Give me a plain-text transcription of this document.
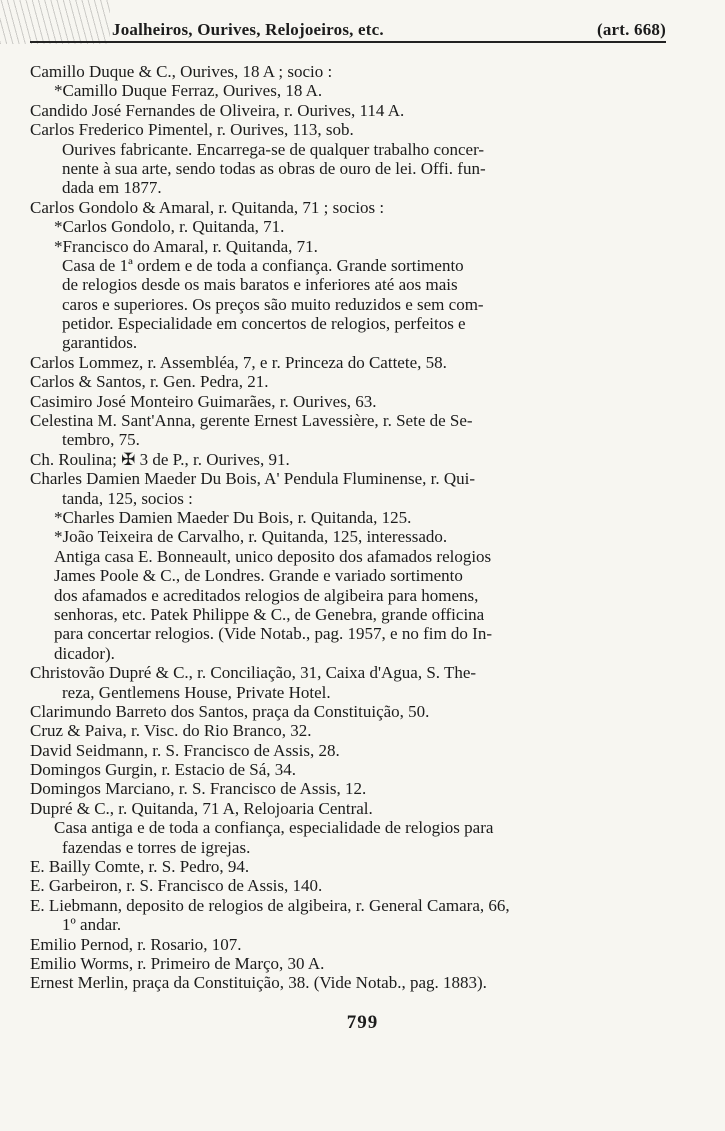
Joalheiros, Ourives, Relojoeiros, etc.	(art. 668)
Camillo Duque & C., Ourives, 18 A ; socio :
*Camillo Duque Ferraz, Ourives, 18 A.
Candido José Fernandes de Oliveira, r. Ourives, 114 A.
Carlos Frederico Pimentel, r. Ourives, 113, sob.
Ourives fabricante. Encarrega-se de qualquer trabalho concer-
nente à sua arte, sendo todas as obras de ouro de lei. Offi. fun-
dada em 1877.
Carlos Gondolo & Amaral, r. Quitanda, 71 ; socios :
*Carlos Gondolo, r. Quitanda, 71.
*Francisco do Amaral, r. Quitanda, 71.
Casa de 1ª ordem e de toda a confiança. Grande sortimento
de relogios desde os mais baratos e inferiores até aos mais
caros e superiores. Os preços são muito reduzidos e sem com-
petidor. Especialidade em concertos de relogios, perfeitos e
garantidos.
Carlos Lommez, r. Assembléa, 7, e r. Princeza do Cattete, 58.
Carlos & Santos, r. Gen. Pedra, 21.
Casimiro José Monteiro Guimarães, r. Ourives, 63.
Celestina M. Sant'Anna, gerente Ernest Lavessière, r. Sete de Se-
tembro, 75.
Ch. Roulina; ✠ 3 de P., r. Ourives, 91.
Charles Damien Maeder Du Bois, A' Pendula Fluminense, r. Qui-
tanda, 125, socios :
*Charles Damien Maeder Du Bois, r. Quitanda, 125.
*João Teixeira de Carvalho, r. Quitanda, 125, interessado.
Antiga casa E. Bonneault, unico deposito dos afamados relogios
James Poole & C., de Londres. Grande e variado sortimento
dos afamados e acreditados relogios de algibeira para homens,
senhoras, etc. Patek Philippe & C., de Genebra, grande officina
para concertar relogios. (Vide Notab., pag. 1957, e no fim do In-
dicador).
Christovão Dupré & C., r. Conciliação, 31, Caixa d'Agua, S. The-
reza, Gentlemens House, Private Hotel.
Clarimundo Barreto dos Santos, praça da Constituição, 50.
Cruz & Paiva, r. Visc. do Rio Branco, 32.
David Seidmann, r. S. Francisco de Assis, 28.
Domingos Gurgin, r. Estacio de Sá, 34.
Domingos Marciano, r. S. Francisco de Assis, 12.
Dupré & C., r. Quitanda, 71 A, Relojoaria Central.
Casa antiga e de toda a confiança, especialidade de relogios para
fazendas e torres de igrejas.
E. Bailly Comte, r. S. Pedro, 94.
E. Garbeiron, r. S. Francisco de Assis, 140.
E. Liebmann, deposito de relogios de algibeira, r. General Camara, 66,
1º andar.
Emilio Pernod, r. Rosario, 107.
Emilio Worms, r. Primeiro de Março, 30 A.
Ernest Merlin, praça da Constituição, 38. (Vide Notab., pag. 1883).
799
